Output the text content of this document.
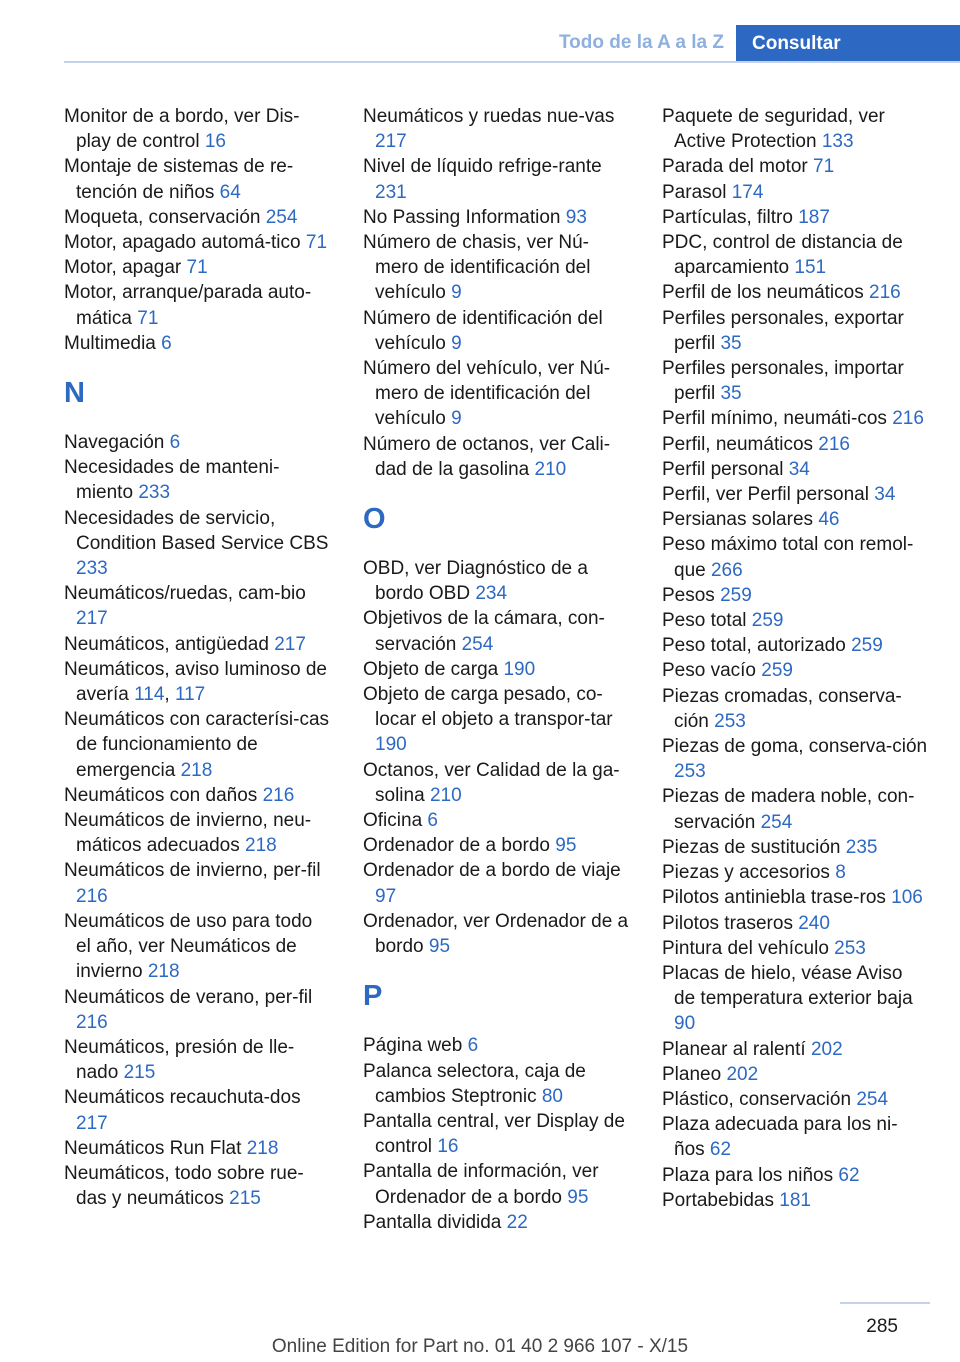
Todo de la A a la Z	Consultar
Monitor de a bordo, ver Dis-play de control 16
Montaje de sistemas de re-tención de niños 64
Moqueta, conservación 254
Motor, apagado automá-tico 71
Motor, apagar 71
Motor, arranque/parada auto-mática 71
Multimedia 6
N
Navegación 6
Necesidades de manteni-miento 233
Necesidades de servicio, Condition Based Service CBS 233
Neumáticos/ruedas, cam-bio 217
Neumáticos, antigüedad 217
Neumáticos, aviso luminoso de avería 114, 117
Neumáticos con caracterísi-cas de funcionamiento de emergencia 218
Neumáticos con daños 216
Neumáticos de invierno, neu-máticos adecuados 218
Neumáticos de invierno, per-fil 216
Neumáticos de uso para todo el año, ver Neumáticos de invierno 218
Neumáticos de verano, per-fil 216
Neumáticos, presión de lle-nado 215
Neumáticos recauchuta-dos 217
Neumáticos Run Flat 218
Neumáticos, todo sobre rue-das y neumáticos 215
Neumáticos y ruedas nue-vas 217
Nivel de líquido refrige-rante 231
No Passing Information 93
Número de chasis, ver Nú-mero de identificación del vehículo 9
Número de identificación del vehículo 9
Número del vehículo, ver Nú-mero de identificación del vehículo 9
Número de octanos, ver Cali-dad de la gasolina 210
O
OBD, ver Diagnóstico de a bordo OBD 234
Objetivos de la cámara, con-servación 254
Objeto de carga 190
Objeto de carga pesado, co-locar el objeto a transpor-tar 190
Octanos, ver Calidad de la ga-solina 210
Oficina 6
Ordenador de a bordo 95
Ordenador de a bordo de viaje 97
Ordenador, ver Ordenador de a bordo 95
P
Página web 6
Palanca selectora, caja de cambios Steptronic 80
Pantalla central, ver Display de control 16
Pantalla de información, ver Ordenador de a bordo 95
Pantalla dividida 22
Paquete de seguridad, ver Active Protection 133
Parada del motor 71
Parasol 174
Partículas, filtro 187
PDC, control de distancia de aparcamiento 151
Perfil de los neumáticos 216
Perfiles personales, exportar perfil 35
Perfiles personales, importar perfil 35
Perfil mínimo, neumáti-cos 216
Perfil, neumáticos 216
Perfil personal 34
Perfil, ver Perfil personal 34
Persianas solares 46
Peso máximo total con remol-que 266
Pesos 259
Peso total 259
Peso total, autorizado 259
Peso vacío 259
Piezas cromadas, conserva-ción 253
Piezas de goma, conserva-ción 253
Piezas de madera noble, con-servación 254
Piezas de sustitución 235
Piezas y accesorios 8
Pilotos antiniebla trase-ros 106
Pilotos traseros 240
Pintura del vehículo 253
Placas de hielo, véase Aviso de temperatura exterior baja 90
Planear al ralentí 202
Planeo 202
Plástico, conservación 254
Plaza adecuada para los ni-ños 62
Plaza para los niños 62
Portabebidas 181
285
Online Edition for Part no. 01 40 2 966 107 - X/15
